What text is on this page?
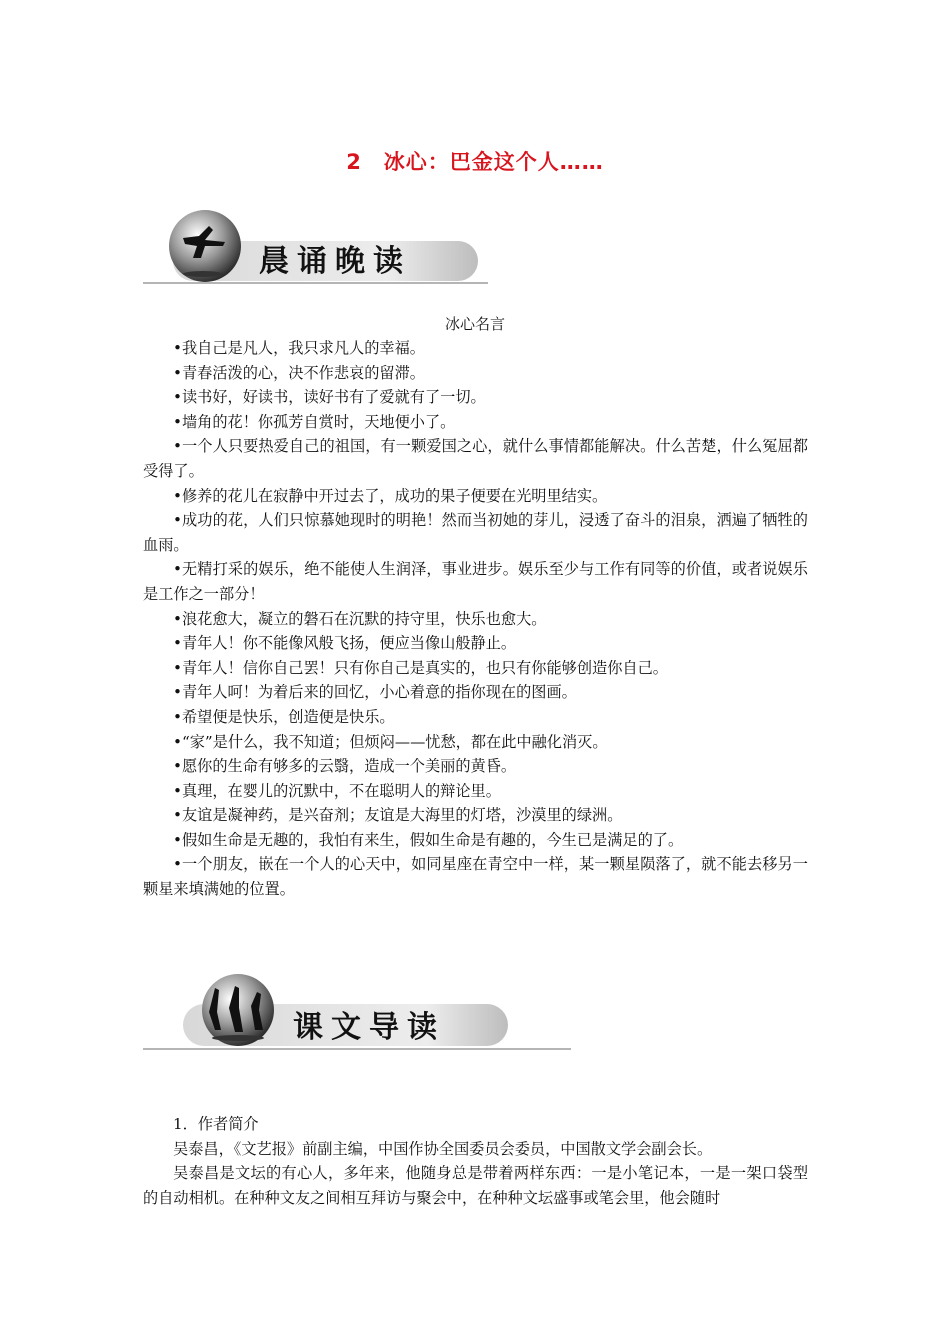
2　冰心：巴金这个人……
晨诵晚读
冰心名言

•我自己是凡人，我只求凡人的幸福。

•青春活泼的心，决不作悲哀的留滞。

•读书好，好读书，读好书有了爱就有了一切。

•墙角的花！你孤芳自赏时，天地便小了。

•一个人只要热爱自己的祖国，有一颗爱国之心，就什么事情都能解决。什么苦楚，什么冤屈都受得了。

•修养的花儿在寂静中开过去了，成功的果子便要在光明里结实。

•成功的花，人们只惊慕她现时的明艳！然而当初她的芽儿，浸透了奋斗的泪泉，洒遍了牺牲的血雨。

•无精打采的娱乐，绝不能使人生润泽，事业进步。娱乐至少与工作有同等的价值，或者说娱乐是工作之一部分！

•浪花愈大，凝立的磐石在沉默的持守里，快乐也愈大。

•青年人！你不能像风般飞扬，便应当像山般静止。

•青年人！信你自己罢！只有你自己是真实的，也只有你能够创造你自己。

•青年人呵！为着后来的回忆，小心着意的指你现在的图画。

•希望便是快乐，创造便是快乐。

•“家”是什么，我不知道；但烦闷——忧愁，都在此中融化消灭。

•愿你的生命有够多的云翳，造成一个美丽的黄昏。

•真理，在婴儿的沉默中，不在聪明人的辩论里。

•友谊是凝神药，是兴奋剂；友谊是大海里的灯塔，沙漠里的绿洲。

•假如生命是无趣的，我怕有来生，假如生命是有趣的，今生已是满足的了。

•一个朋友，嵌在一个人的心天中，如同星座在青空中一样，某一颗星陨落了，就不能去移另一颗星来填满她的位置。

课文导读

1．作者简介

吴泰昌，《文艺报》前副主编，中国作协全国委员会委员，中国散文学会副会长。

吴泰昌是文坛的有心人，多年来，他随身总是带着两样东西：一是小笔记本，一是一架口袋型的自动相机。在种种文友之间相互拜访与聚会中，在种种文坛盛事或笔会里，他会随时
